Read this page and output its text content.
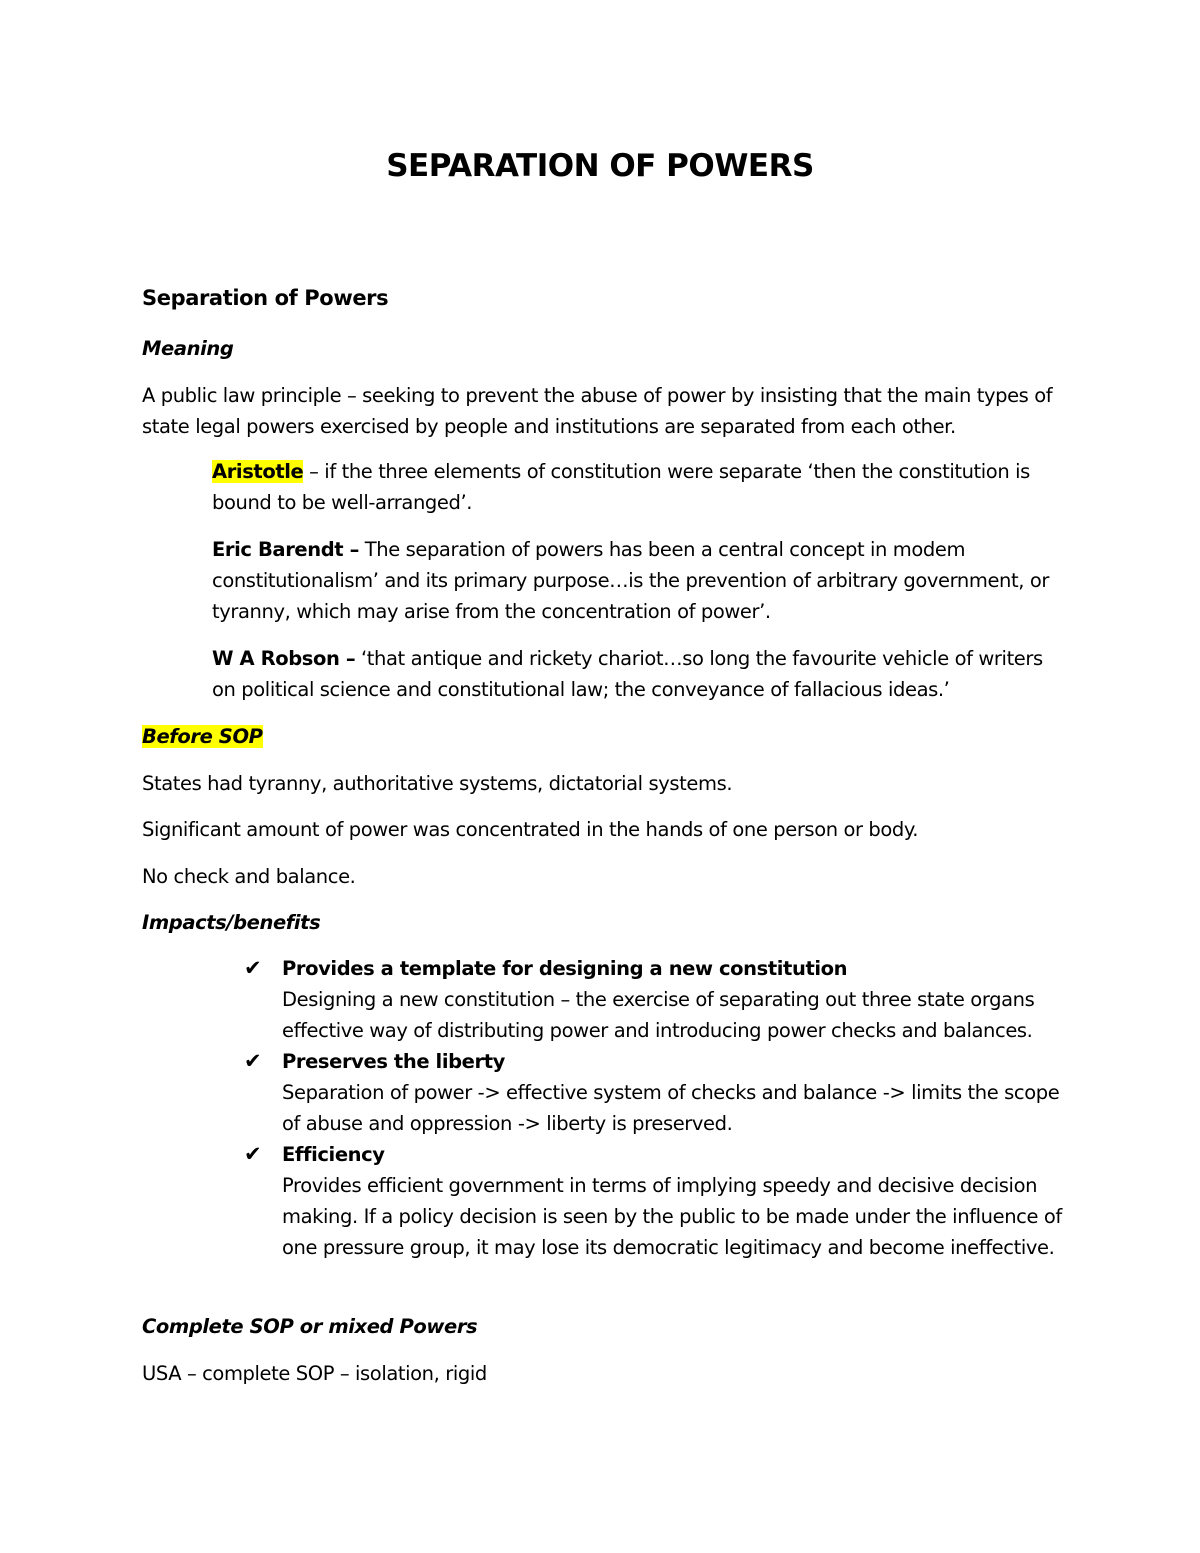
SEPARATION OF POWERS
Separation of Powers
Meaning
A public law principle – seeking to prevent the abuse of power by insisting that the main types of state legal powers exercised by people and institutions are separated from each other.
Aristotle – if the three elements of constitution were separate ‘then the constitution is bound to be well-arranged’.
Eric Barendt – The separation of powers has been a central concept in modem constitutionalism’ and its primary purpose…is the prevention of arbitrary government, or tyranny, which may arise from the concentration of power’.
W A Robson – ‘that antique and rickety chariot…so long the favourite vehicle of writers on political science and constitutional law; the conveyance of fallacious ideas.’
Before SOP
States had tyranny, authoritative systems, dictatorial systems.
Significant amount of power was concentrated in the hands of one person or body.
No check and balance.
Impacts/benefits
✔ Provides a template for designing a new constitution
Designing a new constitution – the exercise of separating out three state organs effective way of distributing power and introducing power checks and balances.
✔ Preserves the liberty
Separation of power -> effective system of checks and balance -> limits the scope of abuse and oppression -> liberty is preserved.
✔ Efficiency
Provides efficient government in terms of implying speedy and decisive decision making. If a policy decision is seen by the public to be made under the influence of one pressure group, it may lose its democratic legitimacy and become ineffective.
Complete SOP or mixed Powers
USA – complete SOP – isolation, rigid
